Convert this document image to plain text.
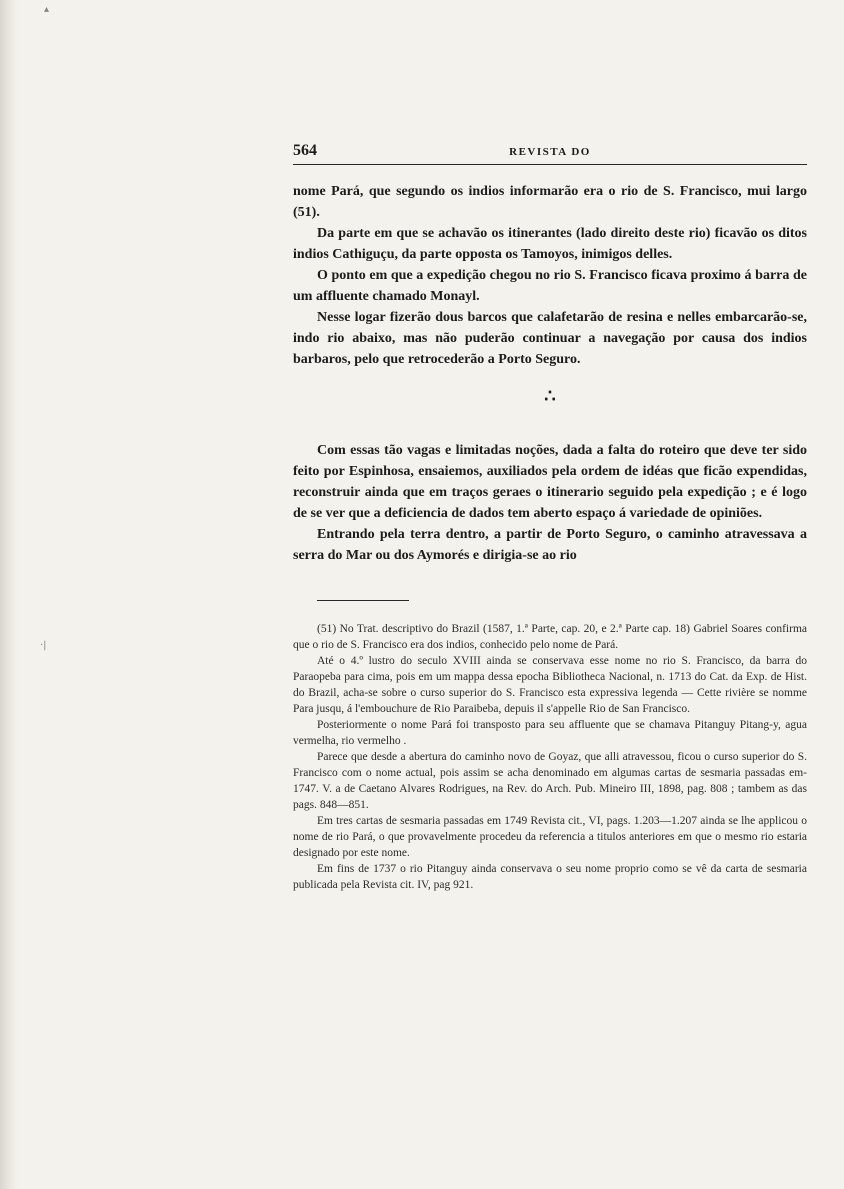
▴
·|
564	REVISTA DO

nome Pará, que segundo os indios informarão era o rio de S. Francisco, mui largo (51).

Da parte em que se achavão os itinerantes (lado direito deste rio) ficavão os ditos indios Cathiguçu, da parte opposta os Tamoyos, inimigos delles.

O ponto em que a expedição chegou no rio S. Francisco ficava proximo á barra de um affluente chamado Monayl.

Nesse logar fizerão dous barcos que calafetarão de resina e nelles embarcarão-se, indo rio abaixo, mas não puderão continuar a navegação por causa dos indios barbaros, pelo que retrocederão a Porto Seguro.

∴

Com essas tão vagas e limitadas noções, dada a falta do roteiro que deve ter sido feito por Espinhosa, ensaiemos, auxiliados pela ordem de idéas que ficão expendidas, reconstruir ainda que em traços geraes o itinerario seguido pela expedição ; e é logo de se ver que a deficiencia de dados tem aberto espaço á variedade de opiniões.

Entrando pela terra dentro, a partir de Porto Seguro, o caminho atravessava a serra do Mar ou dos Aymorés e dirigia-se ao rio

(51) No Trat. descriptivo do Brazil (1587, 1.ª Parte, cap. 20, e 2.ª Parte cap. 18) Gabriel Soares confirma que o rio de S. Francisco era dos indios, conhecido pelo nome de Pará.

Até o 4.º lustro do seculo XVIII ainda se conservava esse nome no rio S. Francisco, da barra do Paraopeba para cima, pois em um mappa dessa epocha Bibliotheca Nacional, n. 1713 do Cat. da Exp. de Hist. do Brazil, acha-se sobre o curso superior do S. Francisco esta expressiva legenda — Cette rivière se nomme Para jusqu, á l'embouchure de Rio Paraibeba, depuis il s'appelle Rio de San Francisco.

Posteriormente o nome Pará foi transposto para seu affluente que se chamava Pitanguy Pitang-y, agua vermelha, rio vermelho .

Parece que desde a abertura do caminho novo de Goyaz, que alli atravessou, ficou o curso superior do S. Francisco com o nome actual, pois assim se acha denominado em algumas cartas de sesmaria passadas em-1747. V. a de Caetano Alvares Rodrigues, na Rev. do Arch. Pub. Mineiro III, 1898, pag. 808 ; tambem as das pags. 848—851.

Em tres cartas de sesmaria passadas em 1749 Revista cit., VI, pags. 1.203—1.207 ainda se lhe applicou o nome de rio Pará, o que provavelmente procedeu da referencia a titulos anteriores em que o mesmo rio estaria designado por este nome.

Em fins de 1737 o rio Pitanguy ainda conservava o seu nome proprio como se vê da carta de sesmaria publicada pela Revista cit. IV, pag 921.
